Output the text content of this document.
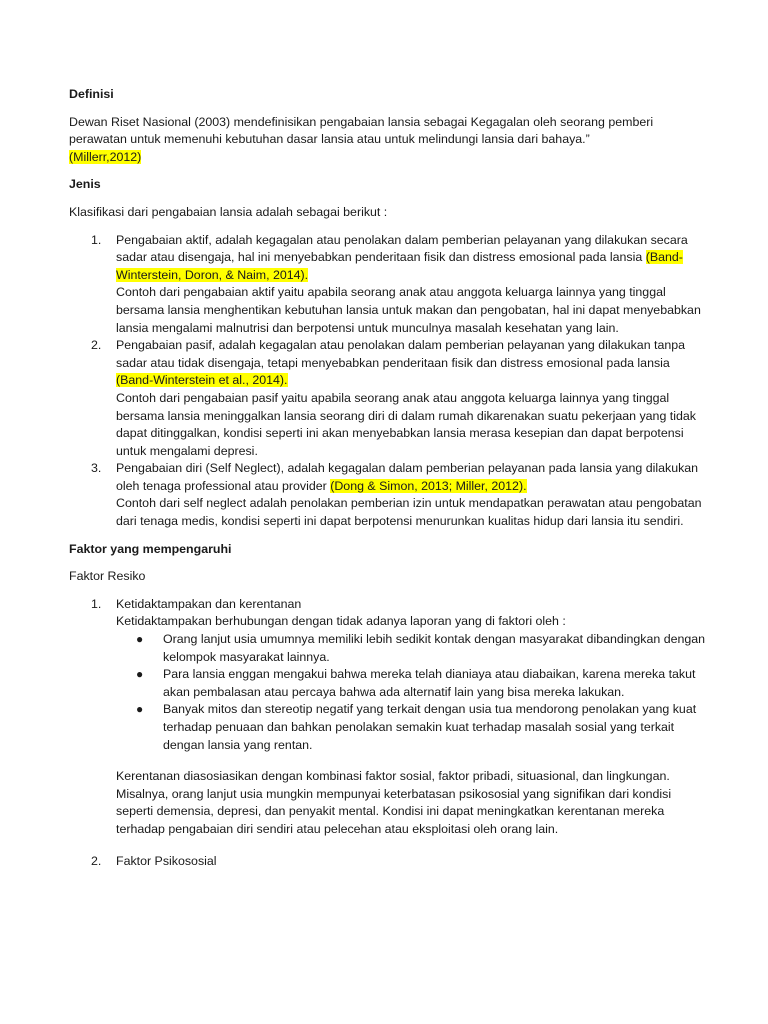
Definisi

Dewan Riset Nasional (2003) mendefinisikan pengabaian lansia sebagai Kegagalan oleh seorang pemberi perawatan untuk memenuhi kebutuhan dasar lansia atau untuk melindungi lansia dari bahaya.”
(Millerr,2012)

Jenis

Klasifikasi dari pengabaian lansia adalah sebagai berikut :

1. Pengabaian aktif, adalah kegagalan atau penolakan dalam pemberian pelayanan yang dilakukan secara sadar atau disengaja, hal ini menyebabkan penderitaan fisik dan distress emosional pada lansia (Band-Winterstein, Doron, & Naim, 2014).
Contoh dari pengabaian aktif yaitu apabila seorang anak atau anggota keluarga lainnya yang tinggal bersama lansia menghentikan kebutuhan lansia untuk makan dan pengobatan, hal ini dapat menyebabkan lansia mengalami malnutrisi dan berpotensi untuk munculnya masalah kesehatan yang lain.
2. Pengabaian pasif, adalah kegagalan atau penolakan dalam pemberian pelayanan yang dilakukan tanpa sadar atau tidak disengaja, tetapi menyebabkan penderitaan fisik dan distress emosional pada lansia (Band-Winterstein et al., 2014).
Contoh dari pengabaian pasif yaitu apabila seorang anak atau anggota keluarga lainnya yang tinggal bersama lansia meninggalkan lansia seorang diri di dalam rumah dikarenakan suatu pekerjaan yang tidak dapat ditinggalkan, kondisi seperti ini akan menyebabkan lansia merasa kesepian dan dapat berpotensi untuk mengalami depresi.
3. Pengabaian diri (Self Neglect), adalah kegagalan dalam pemberian pelayanan pada lansia yang dilakukan oleh tenaga professional atau provider (Dong & Simon, 2013; Miller, 2012).
Contoh dari self neglect adalah penolakan pemberian izin untuk mendapatkan perawatan atau pengobatan dari tenaga medis, kondisi seperti ini dapat berpotensi menurunkan kualitas hidup dari lansia itu sendiri.
Faktor yang mempengaruhi

Faktor Resiko

1. Ketidaktampakan dan kerentanan
Ketidaktampakan berhubungan dengan tidak adanya laporan yang di faktori oleh :
● Orang lanjut usia umumnya memiliki lebih sedikit kontak dengan masyarakat dibandingkan dengan kelompok masyarakat lainnya.
● Para lansia enggan mengakui bahwa mereka telah dianiaya atau diabaikan, karena mereka takut akan pembalasan atau percaya bahwa ada alternatif lain yang bisa mereka lakukan.
● Banyak mitos dan stereotip negatif yang terkait dengan usia tua mendorong penolakan yang kuat terhadap penuaan dan bahkan penolakan semakin kuat terhadap masalah sosial yang terkait dengan lansia yang rentan.
Kerentanan diasosiasikan dengan kombinasi faktor sosial, faktor pribadi, situasional, dan lingkungan. Misalnya, orang lanjut usia mungkin mempunyai keterbatasan psikososial yang signifikan dari kondisi seperti demensia, depresi, dan penyakit mental. Kondisi ini dapat meningkatkan kerentanan mereka terhadap pengabaian diri sendiri atau pelecehan atau eksploitasi oleh orang lain.
2. Faktor Psikososial
